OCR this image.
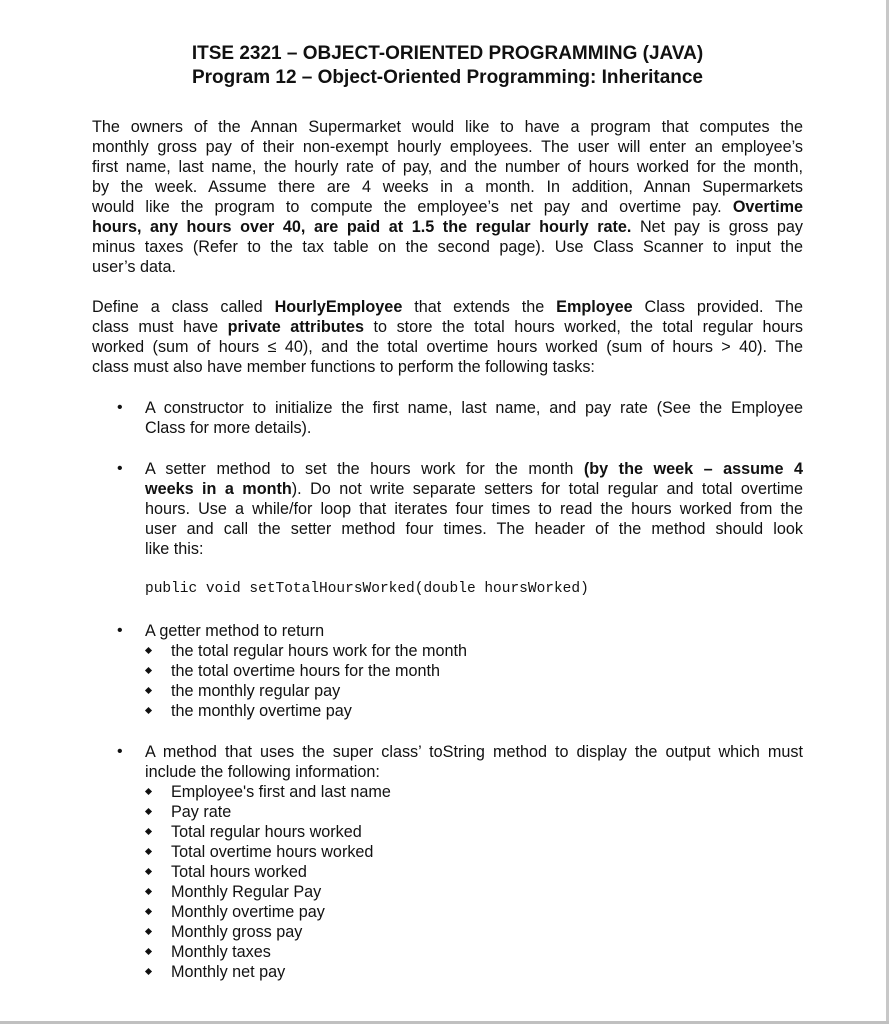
ITSE 2321 – OBJECT-ORIENTED PROGRAMMING (JAVA)
Program 12 – Object-Oriented Programming: Inheritance
The owners of the Annan Supermarket would like to have a program that computes the
monthly gross pay of their non-exempt hourly employees. The user will enter an employee’s
first name, last name, the hourly rate of pay, and the number of hours worked for the month,
by the week. Assume there are 4 weeks in a month. In addition, Annan Supermarkets
would like the program to compute the employee’s net pay and overtime pay. Overtime
hours, any hours over 40, are paid at 1.5 the regular hourly rate. Net pay is gross pay
minus taxes (Refer to the tax table on the second page). Use Class Scanner to input the
user’s data.
Define a class called HourlyEmployee that extends the Employee Class provided. The
class must have private attributes to store the total hours worked, the total regular hours
worked (sum of hours ≤ 40), and the total overtime hours worked (sum of hours > 40). The
class must also have member functions to perform the following tasks:
• A constructor to initialize the first name, last name, and pay rate (See the Employee
Class for more details).
• A setter method to set the hours work for the month (by the week – assume 4
weeks in a month). Do not write separate setters for total regular and total overtime
hours. Use a while/for loop that iterates four times to read the hours worked from the
user and call the setter method four times. The header of the method should look
like this:
public void setTotalHoursWorked(double hoursWorked)
• A getter method to return
the total regular hours work for the month
the total overtime hours for the month
the monthly regular pay
the monthly overtime pay
• A method that uses the super class’ toString method to display the output which must
include the following information:
Employee's first and last name
Pay rate
Total regular hours worked
Total overtime hours worked
Total hours worked
Monthly Regular Pay
Monthly overtime pay
Monthly gross pay
Monthly taxes
Monthly net pay
